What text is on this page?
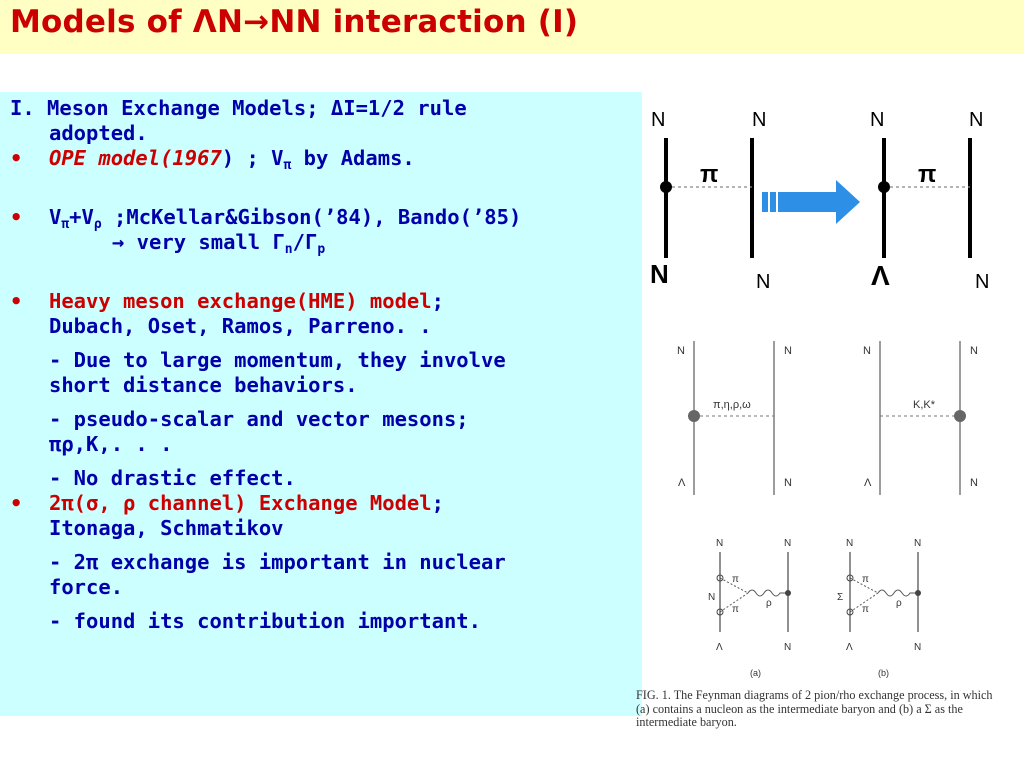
Models of ΛN→NN interaction (I)
I. Meson Exchange Models; ΔI=1/2 rule
adopted.
• OPE model(1967) ; $V_\pi$ by Adams.
• $V_\pi+V_\rho$ ;McKellar&Gibson(’84), Bando(’85)
→ very small $\Gamma_n/\Gamma_p$
• Heavy meson exchange(HME) model;
Dubach, Oset, Ramos, Parreno. .
- Due to large momentum, they involve
short distance behaviors.
- pseudo-scalar and vector mesons;
πρ,K,. . .
- No drastic effect.
• 2π(σ, ρ channel) Exchange Model;
Itonaga, Schmatikov
- 2π exchange is important in nuclear
force.
- found its contribution important.
N	N
N	N
π
N	N
Λ	N
π
N	N
Λ	N
π,η,ρ,ω
N	N
Λ	N
K,K*
N	N
N
Λ	N
π
π
ρ
(a)
N	N
Σ
Λ	N
π
π
ρ
(b)
FIG. 1. The Feynman diagrams of 2 pion/rho exchange process, in which (a) contains a nucleon as the intermediate baryon and (b) a Σ as the intermediate baryon.
